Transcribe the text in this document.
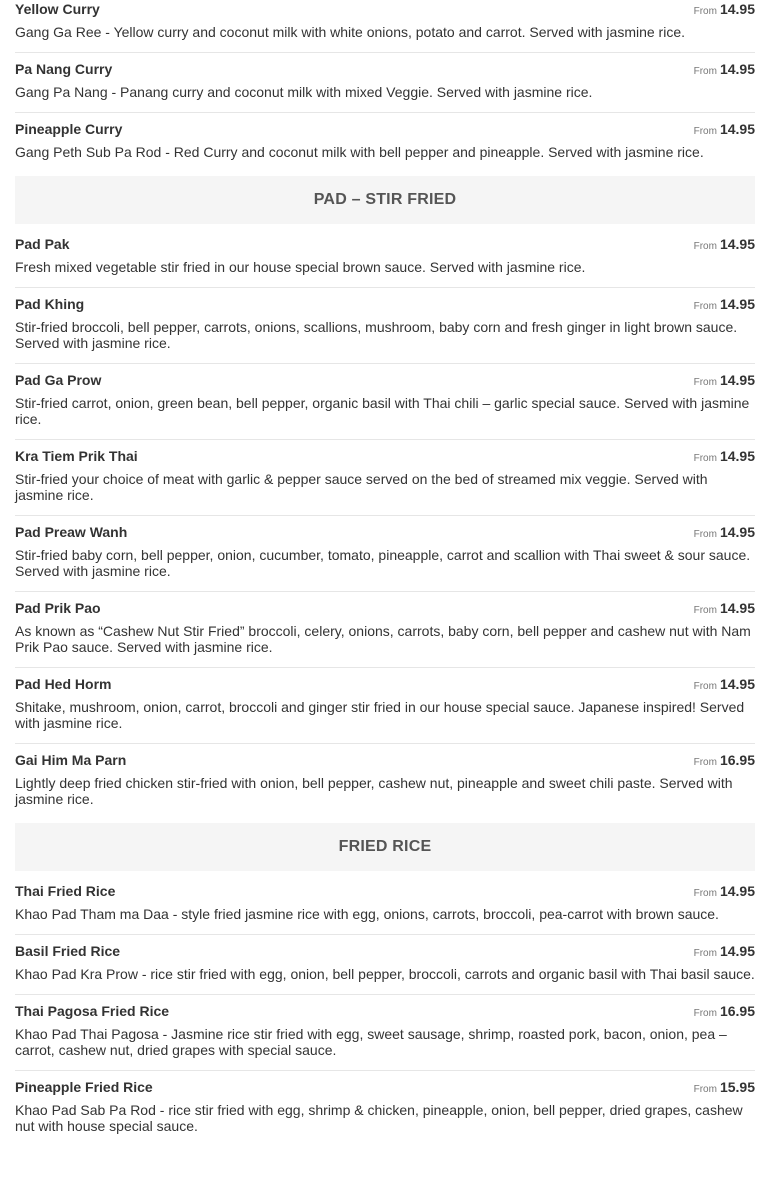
Yellow Curry	From 14.95
Gang Ga Ree - Yellow curry and coconut milk with white onions, potato and carrot. Served with jasmine rice.
Pa Nang Curry	From 14.95
Gang Pa Nang - Panang curry and coconut milk with mixed Veggie. Served with jasmine rice.
Pineapple Curry	From 14.95
Gang Peth Sub Pa Rod - Red Curry and coconut milk with bell pepper and pineapple. Served with jasmine rice.
PAD – STIR FRIED
Pad Pak	From 14.95
Fresh mixed vegetable stir fried in our house special brown sauce. Served with jasmine rice.
Pad Khing	From 14.95
Stir-fried broccoli, bell pepper, carrots, onions, scallions, mushroom, baby corn and fresh ginger in light brown sauce. Served with jasmine rice.
Pad Ga Prow	From 14.95
Stir-fried carrot, onion, green bean, bell pepper, organic basil with Thai chili – garlic special sauce. Served with jasmine rice.
Kra Tiem Prik Thai	From 14.95
Stir-fried your choice of meat with garlic & pepper sauce served on the bed of streamed mix veggie. Served with jasmine rice.
Pad Preaw Wanh	From 14.95
Stir-fried baby corn, bell pepper, onion, cucumber, tomato, pineapple, carrot and scallion with Thai sweet & sour sauce. Served with jasmine rice.
Pad Prik Pao	From 14.95
As known as “Cashew Nut Stir Fried” broccoli, celery, onions, carrots, baby corn, bell pepper and cashew nut with Nam Prik Pao sauce. Served with jasmine rice.
Pad Hed Horm	From 14.95
Shitake, mushroom, onion, carrot, broccoli and ginger stir fried in our house special sauce. Japanese inspired! Served with jasmine rice.
Gai Him Ma Parn	From 16.95
Lightly deep fried chicken stir-fried with onion, bell pepper, cashew nut, pineapple and sweet chili paste. Served with jasmine rice.
FRIED RICE
Thai Fried Rice	From 14.95
Khao Pad Tham ma Daa - style fried jasmine rice with egg, onions, carrots, broccoli, pea-carrot with brown sauce.
Basil Fried Rice	From 14.95
Khao Pad Kra Prow - rice stir fried with egg, onion, bell pepper, broccoli, carrots and organic basil with Thai basil sauce.
Thai Pagosa Fried Rice	From 16.95
Khao Pad Thai Pagosa - Jasmine rice stir fried with egg, sweet sausage, shrimp, roasted pork, bacon, onion, pea – carrot, cashew nut, dried grapes with special sauce.
Pineapple Fried Rice	From 15.95
Khao Pad Sab Pa Rod - rice stir fried with egg, shrimp & chicken, pineapple, onion, bell pepper, dried grapes, cashew nut with house special sauce.
